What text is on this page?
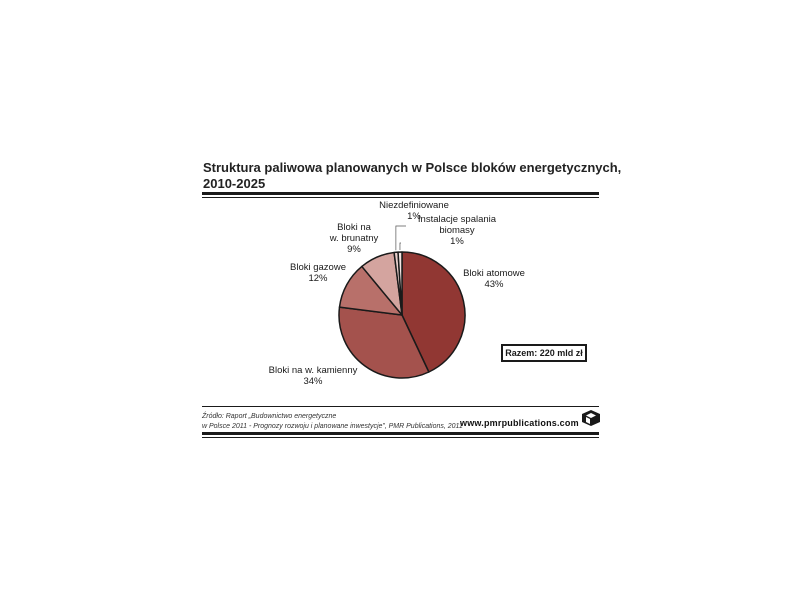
Struktura paliwowa planowanych w Polsce bloków energetycznych,
2010-2025
Bloki atomowe
43%
Bloki na w. kamienny
34%
Bloki gazowe
12%
Bloki na
w. brunatny
9%
Niezdefiniowane
1%
Instalacje spalania
biomasy
1%
Razem: 220 mld zł
Źródło: Raport „Budownictwo energetyczne
w Polsce 2011 - Prognozy rozwoju i planowane inwestycje”, PMR Publications, 2011
www.pmrpublications.com
